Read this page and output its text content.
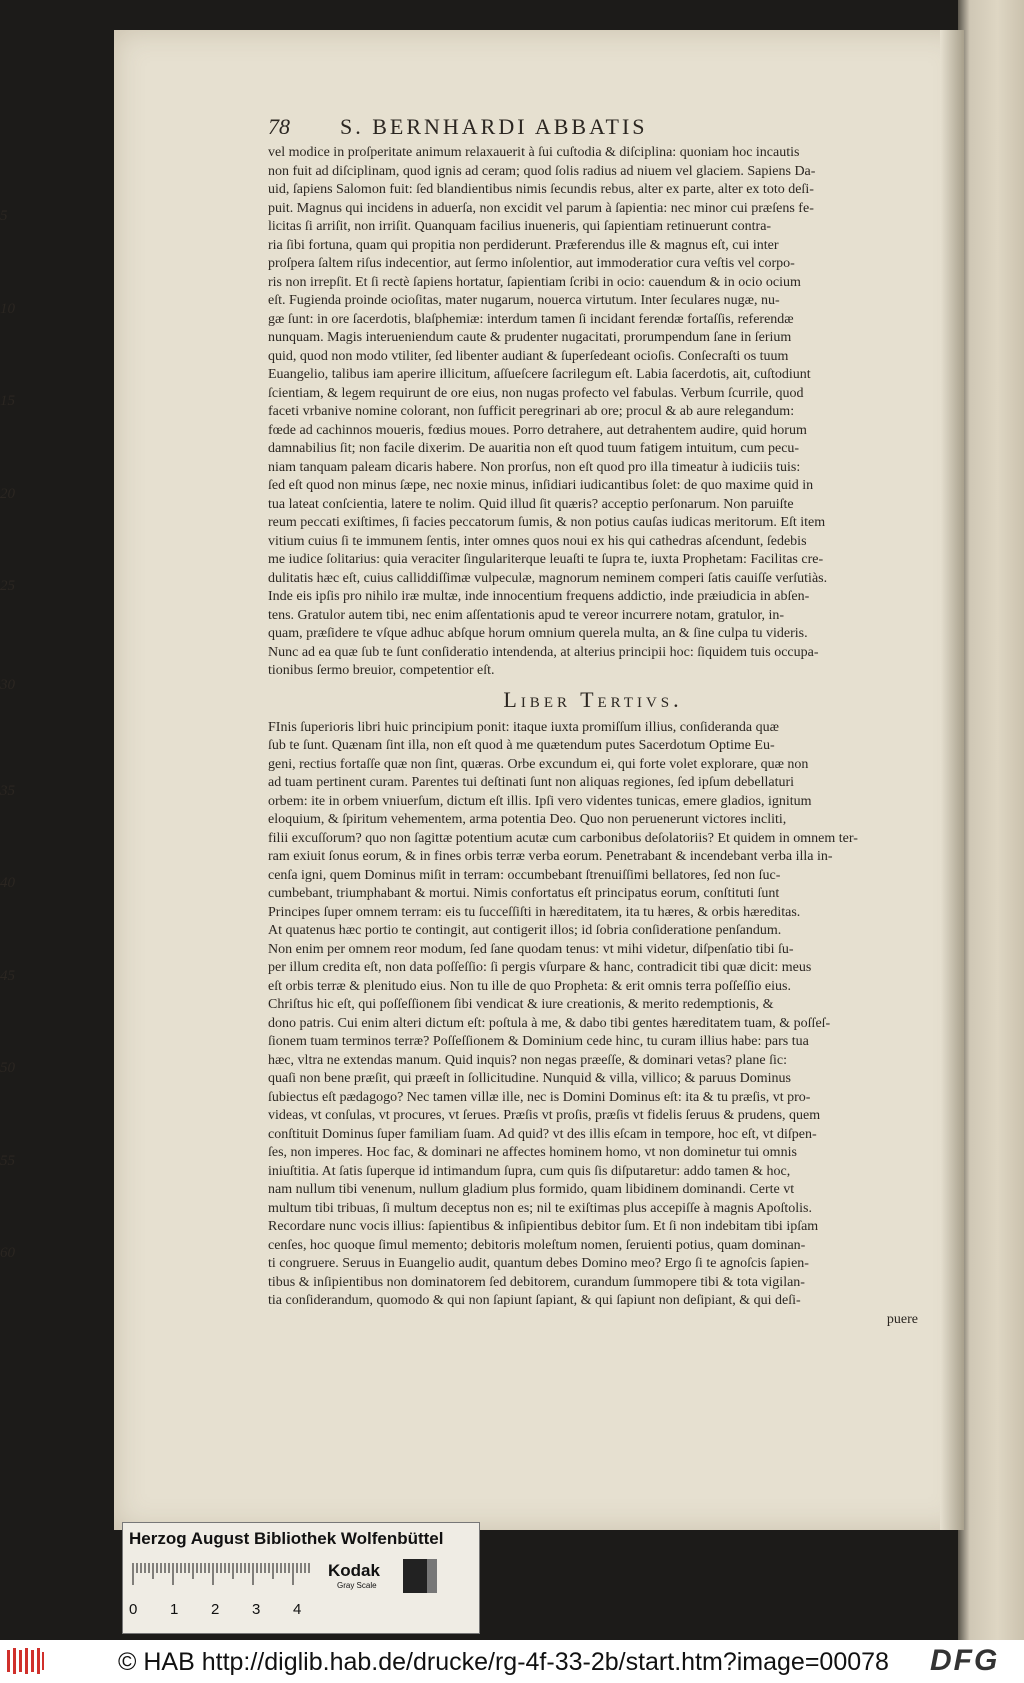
78 S. BERNHARDI ABBATIS
vel modice in proſperitate animum relaxauerit à ſui cuſtodia & diſciplina: quoniam hoc incautis
non fuit ad diſciplinam, quod ignis ad ceram; quod ſolis radius ad niuem vel glaciem. Sapiens Da-
uid, ſapiens Salomon fuit: ſed blandientibus nimis ſecundis rebus, alter ex parte, alter ex toto deſi-
puit. Magnus qui incidens in aduerſa, non excidit vel parum à ſapientia: nec minor cui præſens fe-
licitas ſi arriſit, non irriſit. Quanquam facilius inueneris, qui ſapientiam retinuerunt contra-
ria ſibi fortuna, quam qui propitia non perdiderunt. Præferendus ille & magnus eſt, cui inter
proſpera ſaltem riſus indecentior, aut ſermo inſolentior, aut immoderatior cura veſtis vel corpo-
ris non irrepſit. Et ſi rectè ſapiens hortatur, ſapientiam ſcribi in ocio: cauendum & in ocio ocium
eſt. Fugienda proinde ocioſitas, mater nugarum, nouerca virtutum. Inter ſeculares nugæ, nu-
gæ ſunt: in ore ſacerdotis, blaſphemiæ: interdum tamen ſi incidant ferendæ fortaſſis, referendæ
nunquam. Magis interueniendum caute & prudenter nugacitati, prorumpendum ſane in ſerium
quid, quod non modo vtiliter, ſed libenter audiant & ſuperſedeant ocioſis. Conſecraſti os tuum
Euangelio, talibus iam aperire illicitum, aſſueſcere ſacrilegum eſt. Labia ſacerdotis, ait, cuſtodiunt
ſcientiam, & legem requirunt de ore eius, non nugas profecto vel fabulas. Verbum ſcurrile, quod
faceti vrbanive nomine colorant, non ſufficit peregrinari ab ore; procul & ab aure relegandum:
fœde ad cachinnos moueris, fœdius moues. Porro detrahere, aut detrahentem audire, quid horum
damnabilius ſit; non facile dixerim. De auaritia non eſt quod tuum fatigem intuitum, cum pecu-
niam tanquam paleam dicaris habere. Non prorſus, non eſt quod pro illa timeatur à iudiciis tuis:
ſed eſt quod non minus ſæpe, nec noxie minus, inſidiari iudicantibus ſolet: de quo maxime quid in
tua lateat conſcientia, latere te nolim. Quid illud ſit quæris? acceptio perſonarum. Non paruiſte
reum peccati exiſtimes, ſi facies peccatorum ſumis, & non potius cauſas iudicas meritorum. Eſt item
vitium cuius ſi te immunem ſentis, inter omnes quos noui ex his qui cathedras aſcendunt, ſedebis
me iudice ſolitarius: quia veraciter ſingulariterque leuaſti te ſupra te, iuxta Prophetam: Facilitas cre-
dulitatis hæc eſt, cuius calliddiſſimæ vulpeculæ, magnorum neminem comperi ſatis cauiſſe verſutiàs.
Inde eis ipſis pro nihilo iræ multæ, inde innocentium frequens addictio, inde præiudicia in abſen-
tens. Gratulor autem tibi, nec enim aſſentationis apud te vereor incurrere notam, gratulor, in-
quam, præſidere te vſque adhuc abſque horum omnium querela multa, an & ſine culpa tu videris.
Nunc ad ea quæ ſub te ſunt conſideratio intendenda, at alterius principii hoc: ſiquidem tuis occupa-
tionibus ſermo breuior, competentior eſt.
Liber Tertivs.
FInis ſuperioris libri huic principium ponit: itaque iuxta promiſſum illius, conſideranda quæ
ſub te ſunt. Quænam ſint illa, non eſt quod à me quætendum putes Sacerdotum Optime Eu-
geni, rectius fortaſſe quæ non ſint, quæras. Orbe excundum ei, qui forte volet explorare, quæ non
ad tuam pertinent curam. Parentes tui deſtinati ſunt non aliquas regiones, ſed ipſum debellaturi
orbem: ite in orbem vniuerſum, dictum eſt illis. Ipſi vero videntes tunicas, emere gladios, ignitum
eloquium, & ſpiritum vehementem, arma potentia Deo. Quo non peruenerunt victores incliti,
filii excuſſorum? quo non ſagittæ potentium acutæ cum carbonibus deſolatoriis? Et quidem in omnem ter-
ram exiuit ſonus eorum, & in fines orbis terræ verba eorum. Penetrabant & incendebant verba illa in-
cenſa igni, quem Dominus miſit in terram: occumbebant ſtrenuiſſimi bellatores, ſed non ſuc-
cumbebant, triumphabant & mortui. Nimis confortatus eſt principatus eorum, conſtituti ſunt
Principes ſuper omnem terram: eis tu ſucceſſiſti in hæreditatem, ita tu hæres, & orbis hæreditas.
At quatenus hæc portio te contingit, aut contigerit illos; id ſobria conſideratione penſandum.
Non enim per omnem reor modum, ſed ſane quodam tenus: vt mihi videtur, diſpenſatio tibi ſu-
per illum credita eſt, non data poſſeſſio: ſi pergis vſurpare & hanc, contradicit tibi quæ dicit: meus
eſt orbis terræ & plenitudo eius. Non tu ille de quo Propheta: & erit omnis terra poſſeſſio eius.
Chriſtus hic eſt, qui poſſeſſionem ſibi vendicat & iure creationis, & merito redemptionis, &
dono patris. Cui enim alteri dictum eſt: poſtula à me, & dabo tibi gentes hæreditatem tuam, & poſſeſ-
ſionem tuam terminos terræ? Poſſeſſionem & Dominium cede hinc, tu curam illius habe: pars tua
hæc, vltra ne extendas manum. Quid inquis? non negas præeſſe, & dominari vetas? plane ſic:
quaſi non bene præſit, qui præeſt in ſollicitudine. Nunquid & villa, villico; & paruus Dominus
ſubiectus eſt pædagogo? Nec tamen villæ ille, nec is Domini Dominus eſt: ita & tu præſis, vt pro-
videas, vt conſulas, vt procures, vt ſerues. Præſis vt proſis, præſis vt fidelis ſeruus & prudens, quem
conſtituit Dominus ſuper familiam ſuam. Ad quid? vt des illis eſcam in tempore, hoc eſt, vt diſpen-
ſes, non imperes. Hoc fac, & dominari ne affectes hominem homo, vt non dominetur tui omnis
iniuſtitia. At ſatis ſuperque id intimandum ſupra, cum quis ſis diſputaretur: addo tamen & hoc,
nam nullum tibi venenum, nullum gladium plus formido, quam libidinem dominandi. Certe vt
multum tibi tribuas, ſi multum deceptus non es; nil te exiſtimas plus accepiſſe à magnis Apoſtolis.
Recordare nunc vocis illius: ſapientibus & inſipientibus debitor ſum. Et ſi non indebitam tibi ipſam
cenſes, hoc quoque ſimul memento; debitoris moleſtum nomen, ſeruienti potius, quam dominan-
ti congruere. Seruus in Euangelio audit, quantum debes Domino meo? Ergo ſi te agnoſcis ſapien-
tibus & inſipientibus non dominatorem ſed debitorem, curandum ſummopere tibi & tota vigilan-
tia conſiderandum, quomodo & qui non ſapiunt ſapiant, & qui ſapiunt non deſipiant, & qui deſi-
puere
Herzog August Bibliothek Wolfenbüttel
Kodak
Gray Scale
0 1 2 3 4
© HAB http://diglib.hab.de/drucke/rg-4f-33-2b/start.htm?image=00078 DFG
5
10
15
20
25
30
35
40
45
50
55
60
